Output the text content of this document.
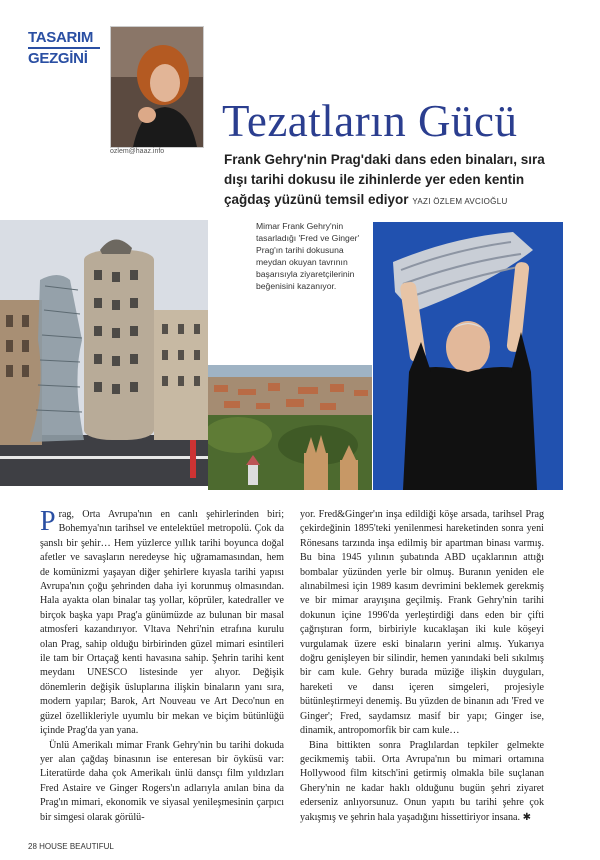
TASARIM
GEZGİNİ
ozlem@haaz.info
Tezatların Gücü
Frank Gehry'nin Prag'daki dans eden binaları, sıra dışı tarihi dokusu ile zihinlerde yer eden kentin çağdaş yüzünü temsil ediyor YAZI ÖZLEM AVCIOĞLU
Mimar Frank Gehry'nin tasarladığı 'Fred ve Ginger' Prag'ın tarihi dokusuna meydan okuyan tavrının başarısıyla ziyaretçilerinin beğenisini kazanıyor.

Prag, Orta Avrupa'nın en canlı şehirlerinden biri; Bohemya'nın tarihsel ve entelektüel metropolü. Çok da şanslı bir şehir… Hem yüzlerce yıllık tarihi boyunca doğal afetler ve savaşların neredeyse hiç uğramamasından, hem de komünizmi yaşayan diğer şehirlere kıyasla tarihi yapısı Avrupa'nın çoğu şehrinden daha iyi korunmuş olmasından. Hala ayakta olan binalar taş yollar, köprüler, katedraller ve birçok başka yapı Prag'a günümüzde az bulunan bir masal atmosferi kazandırıyor. Vltava Nehri'nin etrafına kurulu olan Prag, sahip olduğu birbirinden güzel mimari esintileri ile tam bir Ortaçağ kenti havasına sahip. Şehrin tarihi kent meydanı UNESCO listesinde yer alıyor. Değişik dönemlerin değişik üsluplarına ilişkin binaların yanı sıra, modern yapılar; Barok, Art Nouveau ve Art Deco'nun en güzel özellikleriyle uyumlu bir mekan ve biçim bütünlüğü içinde Prag'da yan yana.

Ünlü Amerikalı mimar Frank Gehry'nin bu tarihi dokuda yer alan çağdaş binasının ise enteresan bir öyküsü var: Literatürde daha çok Amerikalı ünlü dansçı film yıldızları Fred Astaire ve Ginger Rogers'ın adlarıyla anılan bina da Prag'ın mimari, ekonomik ve siyasal yenileşmesinin çarpıcı bir simgesi olarak görülü-

yor. Fred&Ginger'ın inşa edildiği köşe arsada, tarihsel Prag çekirdeğinin 1895'teki yenilenmesi hareketinden sonra yeni Rönesans tarzında inşa edilmiş bir apartman binası varmış. Bu bina 1945 yılının şubatında ABD uçaklarının attığı bombalar yüzünden yerle bir olmuş. Buranın yeniden ele alınabilmesi için 1989 kasım devrimini beklemek gerekmiş ve bir mimar arayışına geçilmiş. Frank Gehry'nin tarihi dokunun içine 1996'da yerleştirdiği dans eden bir çifti çağrıştıran form, birbiriyle kucaklaşan iki kule köşeyi vurgulamak üzere eski binaların yerini almış. Yukarıya doğru genişleyen bir silindir, hemen yanındaki beli sıkılmış bir cam kule. Gehry burada müziğe ilişkin duyguları, hareketi ve dansı içeren simgeleri, projesiyle bütünleştirmeyi denemiş. Bu yüzden de binanın adı 'Fred ve Ginger'; Fred, saydamsız masif bir yapı; Ginger ise, dinamik, antropomorfik bir cam kule…

Bina bittikten sonra Praglılardan tepkiler gelmekte gecikmemiş tabii. Orta Avrupa'nın bu mimari ortamına Hollywood film kitsch'ini getirmiş olmakla bile suçlanan Ghery'nin ne kadar haklı olduğunu bugün şehri ziyaret ederseniz anlıyorsunuz. Onun yapıtı bu tarihi şehre çok yakışmış ve şehrin hala yaşadığını hissettiriyor insana. ✱

28 HOUSE BEAUTIFUL
